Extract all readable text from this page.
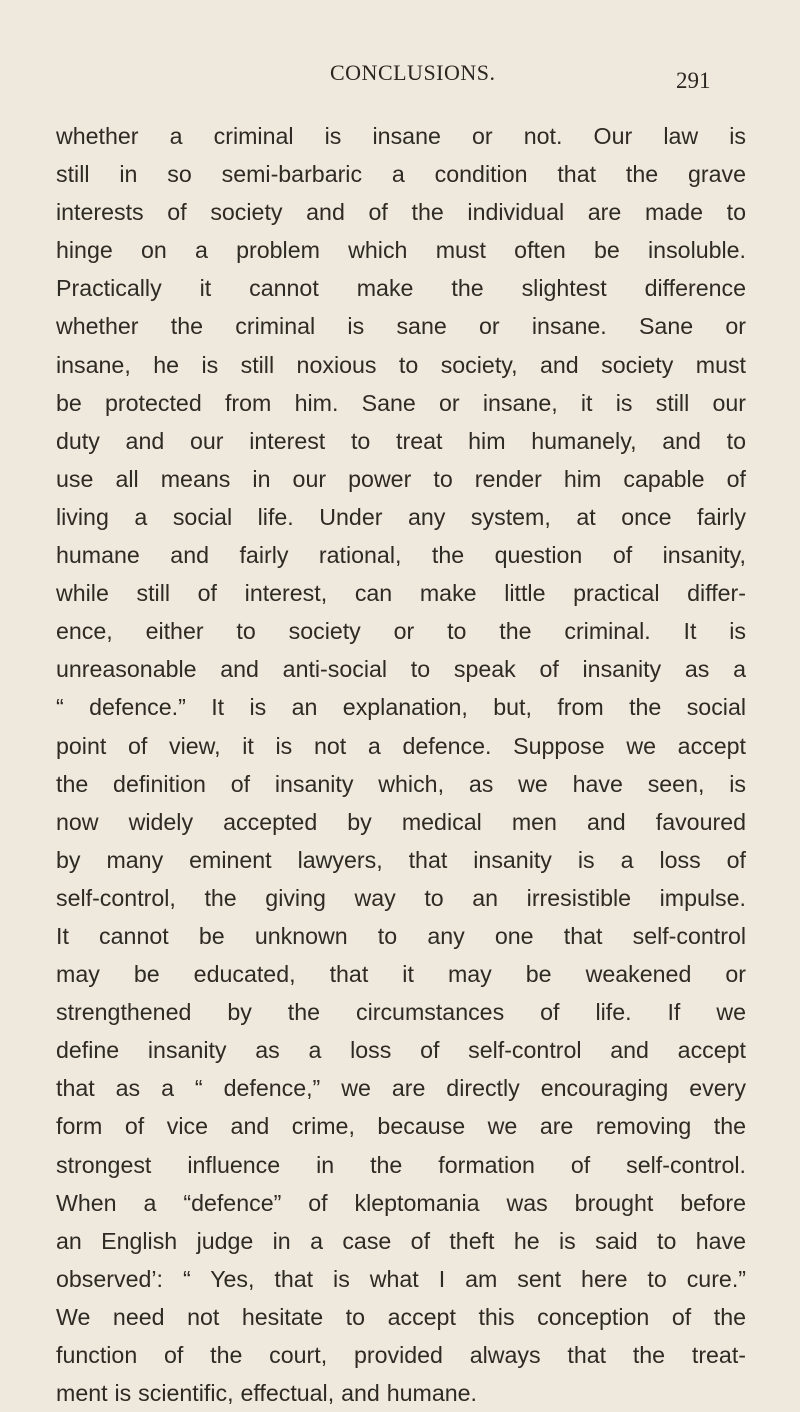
CONCLUSIONS.	291
whether a criminal is insane or not. Our law is
still in so semi-barbaric a condition that the grave
interests of society and of the individual are made to
hinge on a problem which must often be insoluble.
Practically it cannot make the slightest difference
whether the criminal is sane or insane. Sane or
insane, he is still noxious to society, and society must
be protected from him. Sane or insane, it is still our
duty and our interest to treat him humanely, and to
use all means in our power to render him capable of
living a social life. Under any system, at once fairly
humane and fairly rational, the question of insanity,
while still of interest, can make little practical differ-
ence, either to society or to the criminal. It is
unreasonable and anti-social to speak of insanity as a
“ defence.” It is an explanation, but, from the social
point of view, it is not a defence. Suppose we accept
the definition of insanity which, as we have seen, is
now widely accepted by medical men and favoured
by many eminent lawyers, that insanity is a loss of
self-control, the giving way to an irresistible impulse.
It cannot be unknown to any one that self-control
may be educated, that it may be weakened or
strengthened by the circumstances of life. If we
define insanity as a loss of self-control and accept
that as a “ defence,” we are directly encouraging every
form of vice and crime, because we are removing the
strongest influence in the formation of self-control.
When a “defence” of kleptomania was brought before
an English judge in a case of theft he is said to have
observed’: “ Yes, that is what I am sent here to cure.”
We need not hesitate to accept this conception of the
function of the court, provided always that the treat-
ment is scientific, effectual, and humane.
